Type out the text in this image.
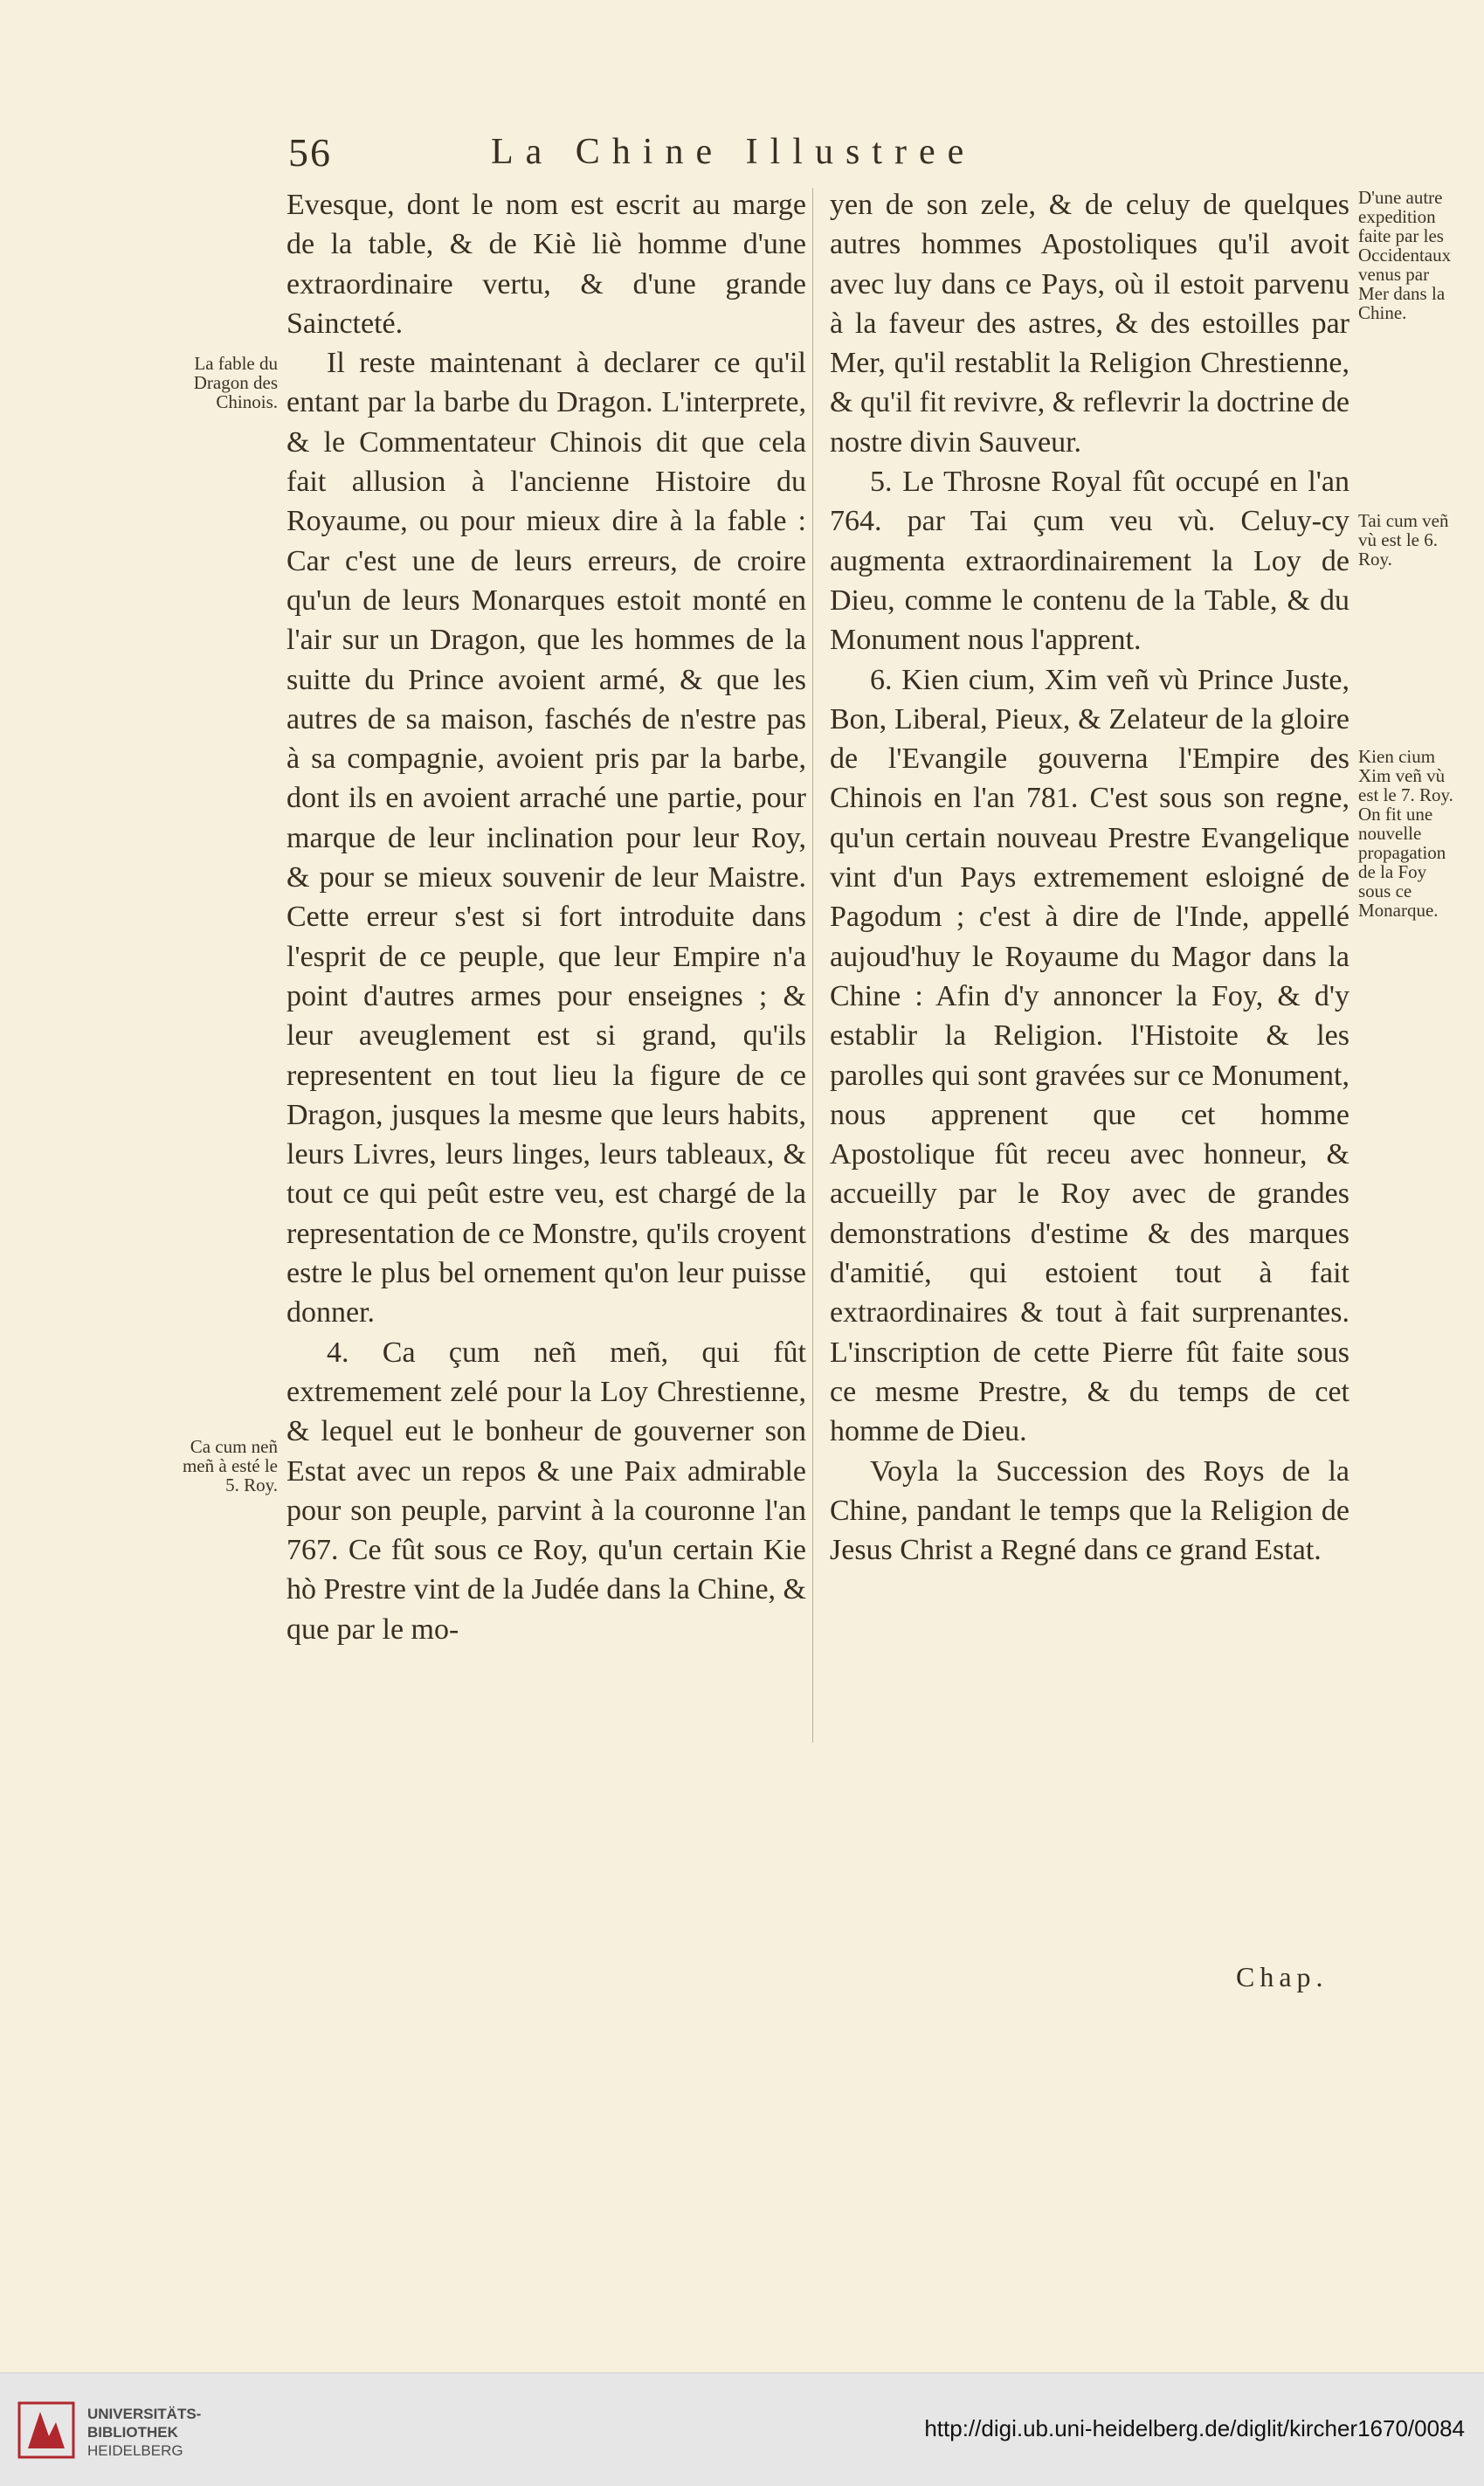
56	La Chine Illustree
La fable du Dragon des Chinois.
Ca cum neñ meñ à esté le 5. Roy.

Evesque, dont le nom est escrit au marge de la table, & de Kiè liè homme d'une extraordinaire vertu, & d'une grande Sainсteté.

Il reste maintenant à declarer ce qu'il entant par la barbe du Dragon. L'interprete, & le Commentateur Chinois dit que cela fait allusion à l'ancienne Histoire du Royaume, ou pour mieux dire à la fable : Car c'est une de leurs erreurs, de croire qu'un de leurs Monarques estoit monté en l'air sur un Dragon, que les hommes de la suitte du Prince avoient armé, & que les autres de sa maison, faschés de n'estre pas à sa compagnie, avoient pris par la barbe, dont ils en avoient arraché une partie, pour marque de leur inclination pour leur Roy, & pour se mieux souvenir de leur Maistre. Cette erreur s'est si fort introduite dans l'esprit de ce peuple, que leur Empire n'a point d'autres armes pour enseignes ; & leur aveuglement est si grand, qu'ils representent en tout lieu la figure de ce Dragon, jusques la mesme que leurs habits, leurs Livres, leurs linges, leurs tableaux, & tout ce qui peût estre veu, est chargé de la representation de ce Monstre, qu'ils croyent estre le plus bel ornement qu'on leur puisse donner.

4. Ca çum neñ meñ, qui fût extremement zelé pour la Loy Chrestienne, & lequel eut le bonheur de gouverner son Estat avec un repos & une Paix admirable pour son peuple, parvint à la couronne l'an 767. Ce fût sous ce Roy, qu'un certain Kie hò Prestre vint de la Judée dans la Chine, & que par le mo-

yen de son zele, & de celuy de quelques autres hommes Apostoliques qu'il avoit avec luy dans ce Pays, où il estoit parvenu à la faveur des astres, & des estoilles par Mer, qu'il restablit la Religion Chrestienne, & qu'il fit revivre, & reflevrir la doctrine de nostre divin Sauveur.

5. Le Throsne Royal fût occupé en l'an 764. par Tai çum veu vù. Celuy-cy augmenta extraordinairement la Loy de Dieu, comme le contenu de la Table, & du Monument nous l'apprent.

6. Kien cium, Xim veñ vù Prince Juste, Bon, Liberal, Pieux, & Zelateur de la gloire de l'Evangile gouverna l'Empire des Chinois en l'an 781. C'est sous son regne, qu'un certain nouveau Prestre Evangelique vint d'un Pays extremement esloigné de Pagodum ; c'est à dire de l'Inde, appellé aujoud'huy le Royaume du Magor dans la Chine : Afin d'y annoncer la Foy, & d'y establir la Religion. l'Histoite & les parolles qui sont gravées sur ce Monument, nous apprenent que cet homme Apostolique fût receu avec honneur, & accueilly par le Roy avec de grandes demonstrations d'estime & des marques d'amitié, qui estoient tout à fait extraordinaires & tout à fait surprenantes. L'inscription de cette Pierre fût faite sous ce mesme Prestre, & du temps de cet homme de Dieu.

Voyla la Succession des Roys de la Chine, pandant le temps que la Religion de Jesus Christ a Regné dans ce grand Estat.

D'une autre expedition faite par les Occidentaux venus par Mer dans la Chine.
Tai cum veñ vù est le 6. Roy.
Kien cium Xim veñ vù est le 7. Roy. On fit une nouvelle propagation de la Foy sous ce Monarque.
Chap.
UNIVERSITÄTS-
BIBLIOTHEK
HEIDELBERG
http://digi.ub.uni-heidelberg.de/diglit/kircher1670/0084
